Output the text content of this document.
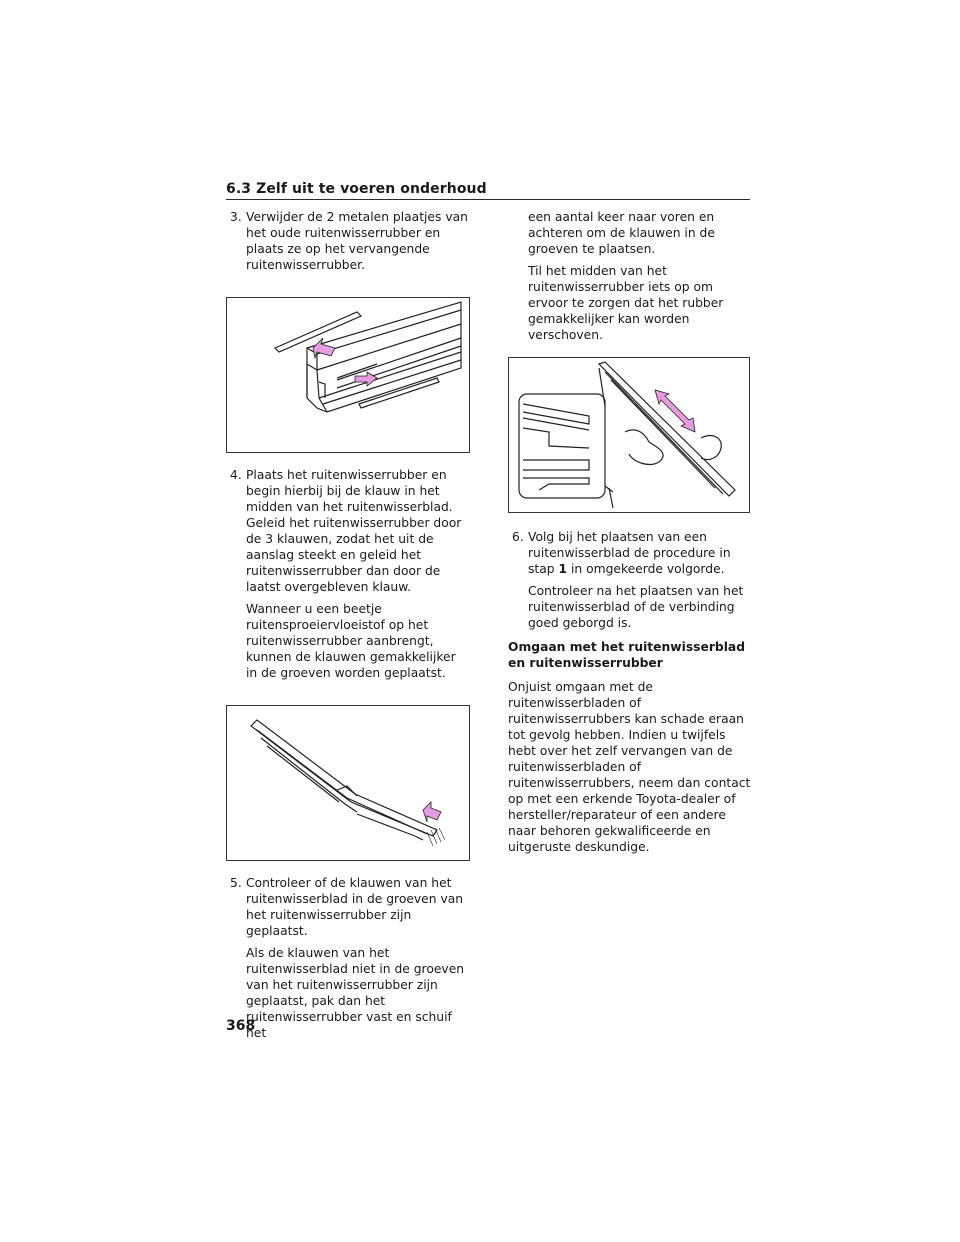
6.3 Zelf uit te voeren onderhoud
3. Verwijder de 2 metalen plaatjes van het oude ruitenwisserrubber en plaats ze op het vervangende ruitenwisserrubber.
4. Plaats het ruitenwisserrubber en begin hierbij bij de klauw in het midden van het ruitenwisserblad. Geleid het ruitenwisserrubber door de 3 klauwen, zodat het uit de aanslag steekt en geleid het ruitenwisserrubber dan door de laatst overgebleven klauw.
Wanneer u een beetje ruitensproeiervloeistof op het ruitenwisserrubber aanbrengt, kunnen de klauwen gemakkelijker in de groeven worden geplaatst.
5. Controleer of de klauwen van het ruitenwisserblad in de groeven van het ruitenwisserrubber zijn geplaatst.
Als de klauwen van het ruitenwisserblad niet in de groeven van het ruitenwisserrubber zijn geplaatst, pak dan het ruitenwisserrubber vast en schuif het
een aantal keer naar voren en achteren om de klauwen in de groeven te plaatsen.
Til het midden van het ruitenwisserrubber iets op om ervoor te zorgen dat het rubber gemakkelijker kan worden verschoven.
6. Volg bij het plaatsen van een ruitenwisserblad de procedure in stap 1 in omgekeerde volgorde.
Controleer na het plaatsen van het ruitenwisserblad of de verbinding goed geborgd is.
Omgaan met het ruitenwisserblad en ruitenwisserrubber
Onjuist omgaan met de ruitenwisserbladen of ruitenwisserrubbers kan schade eraan tot gevolg hebben. Indien u twijfels hebt over het zelf vervangen van de ruitenwisserbladen of ruitenwisserrubbers, neem dan contact op met een erkende Toyota-dealer of hersteller/reparateur of een andere naar behoren gekwalificeerde en uitgeruste deskundige.
368
